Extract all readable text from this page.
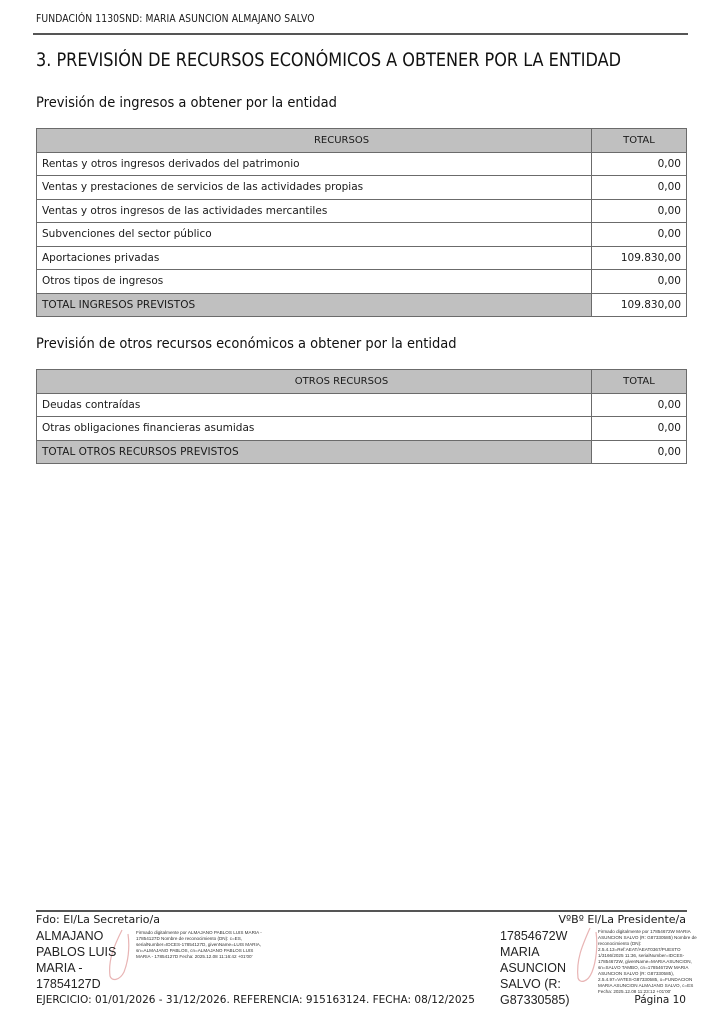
FUNDACIÓN 1130SND: MARIA ASUNCION ALMAJANO SALVO
3. PREVISIÓN DE RECURSOS ECONÓMICOS A OBTENER POR LA ENTIDAD
Previsión de ingresos a obtener por la entidad
RECURSOS	TOTAL
Rentas y otros ingresos derivados del patrimonio	0,00
Ventas y prestaciones de servicios de las actividades propias	0,00
Ventas y otros ingresos de las actividades mercantiles	0,00
Subvenciones del sector público	0,00
Aportaciones privadas	109.830,00
Otros tipos de ingresos	0,00
TOTAL INGRESOS PREVISTOS	109.830,00
Previsión de otros recursos económicos a obtener por la entidad
OTROS RECURSOS	TOTAL
Deudas contraídas	0,00
Otras obligaciones financieras asumidas	0,00
TOTAL OTROS RECURSOS PREVISTOS	0,00
Fdo: El/La Secretario/a	VºBº El/La Presidente/a
ALMAJANO PABLOS LUIS MARIA - 17854127D
Firmado digitalmente por ALMAJANO PABLOS LUIS MARIA - 17854127D Nombre de reconocimiento (DN): c=ES, serialNumber=IDCES-17854127D, givenName=LUIS MARIA, sn=ALMAJANO PABLOS, cn=ALMAJANO PABLOS LUIS MARIA - 17854127D Fecha: 2025.12.08 11:16:42 +01'00'
17854672W MARIA ASUNCION SALVO (R: G87330585)
Firmado digitalmente por 17854672W MARIA ASUNCION SALVO (R: G87330585) Nombre de reconocimiento (DN): 2.5.4.13=Ref:AEAT/AEAT0367/PUESTO 1/3166/2025 11:36, serialNumber=IDCES-17854672W, givenName=MARIA ASUNCION, sn=SALVO TAMBO, cn=17854672W MARIA ASUNCION SALVO (R: G87330585), 2.5.4.97=VATES-G87330585, o=FUNDACION MARIA ASUNCION ALMAJANO SALVO, c=ES Fecha: 2025.12.08 11:23:12 +01'00'
EJERCICIO: 01/01/2026 - 31/12/2026. REFERENCIA: 915163124. FECHA: 08/12/2025	Página 10
